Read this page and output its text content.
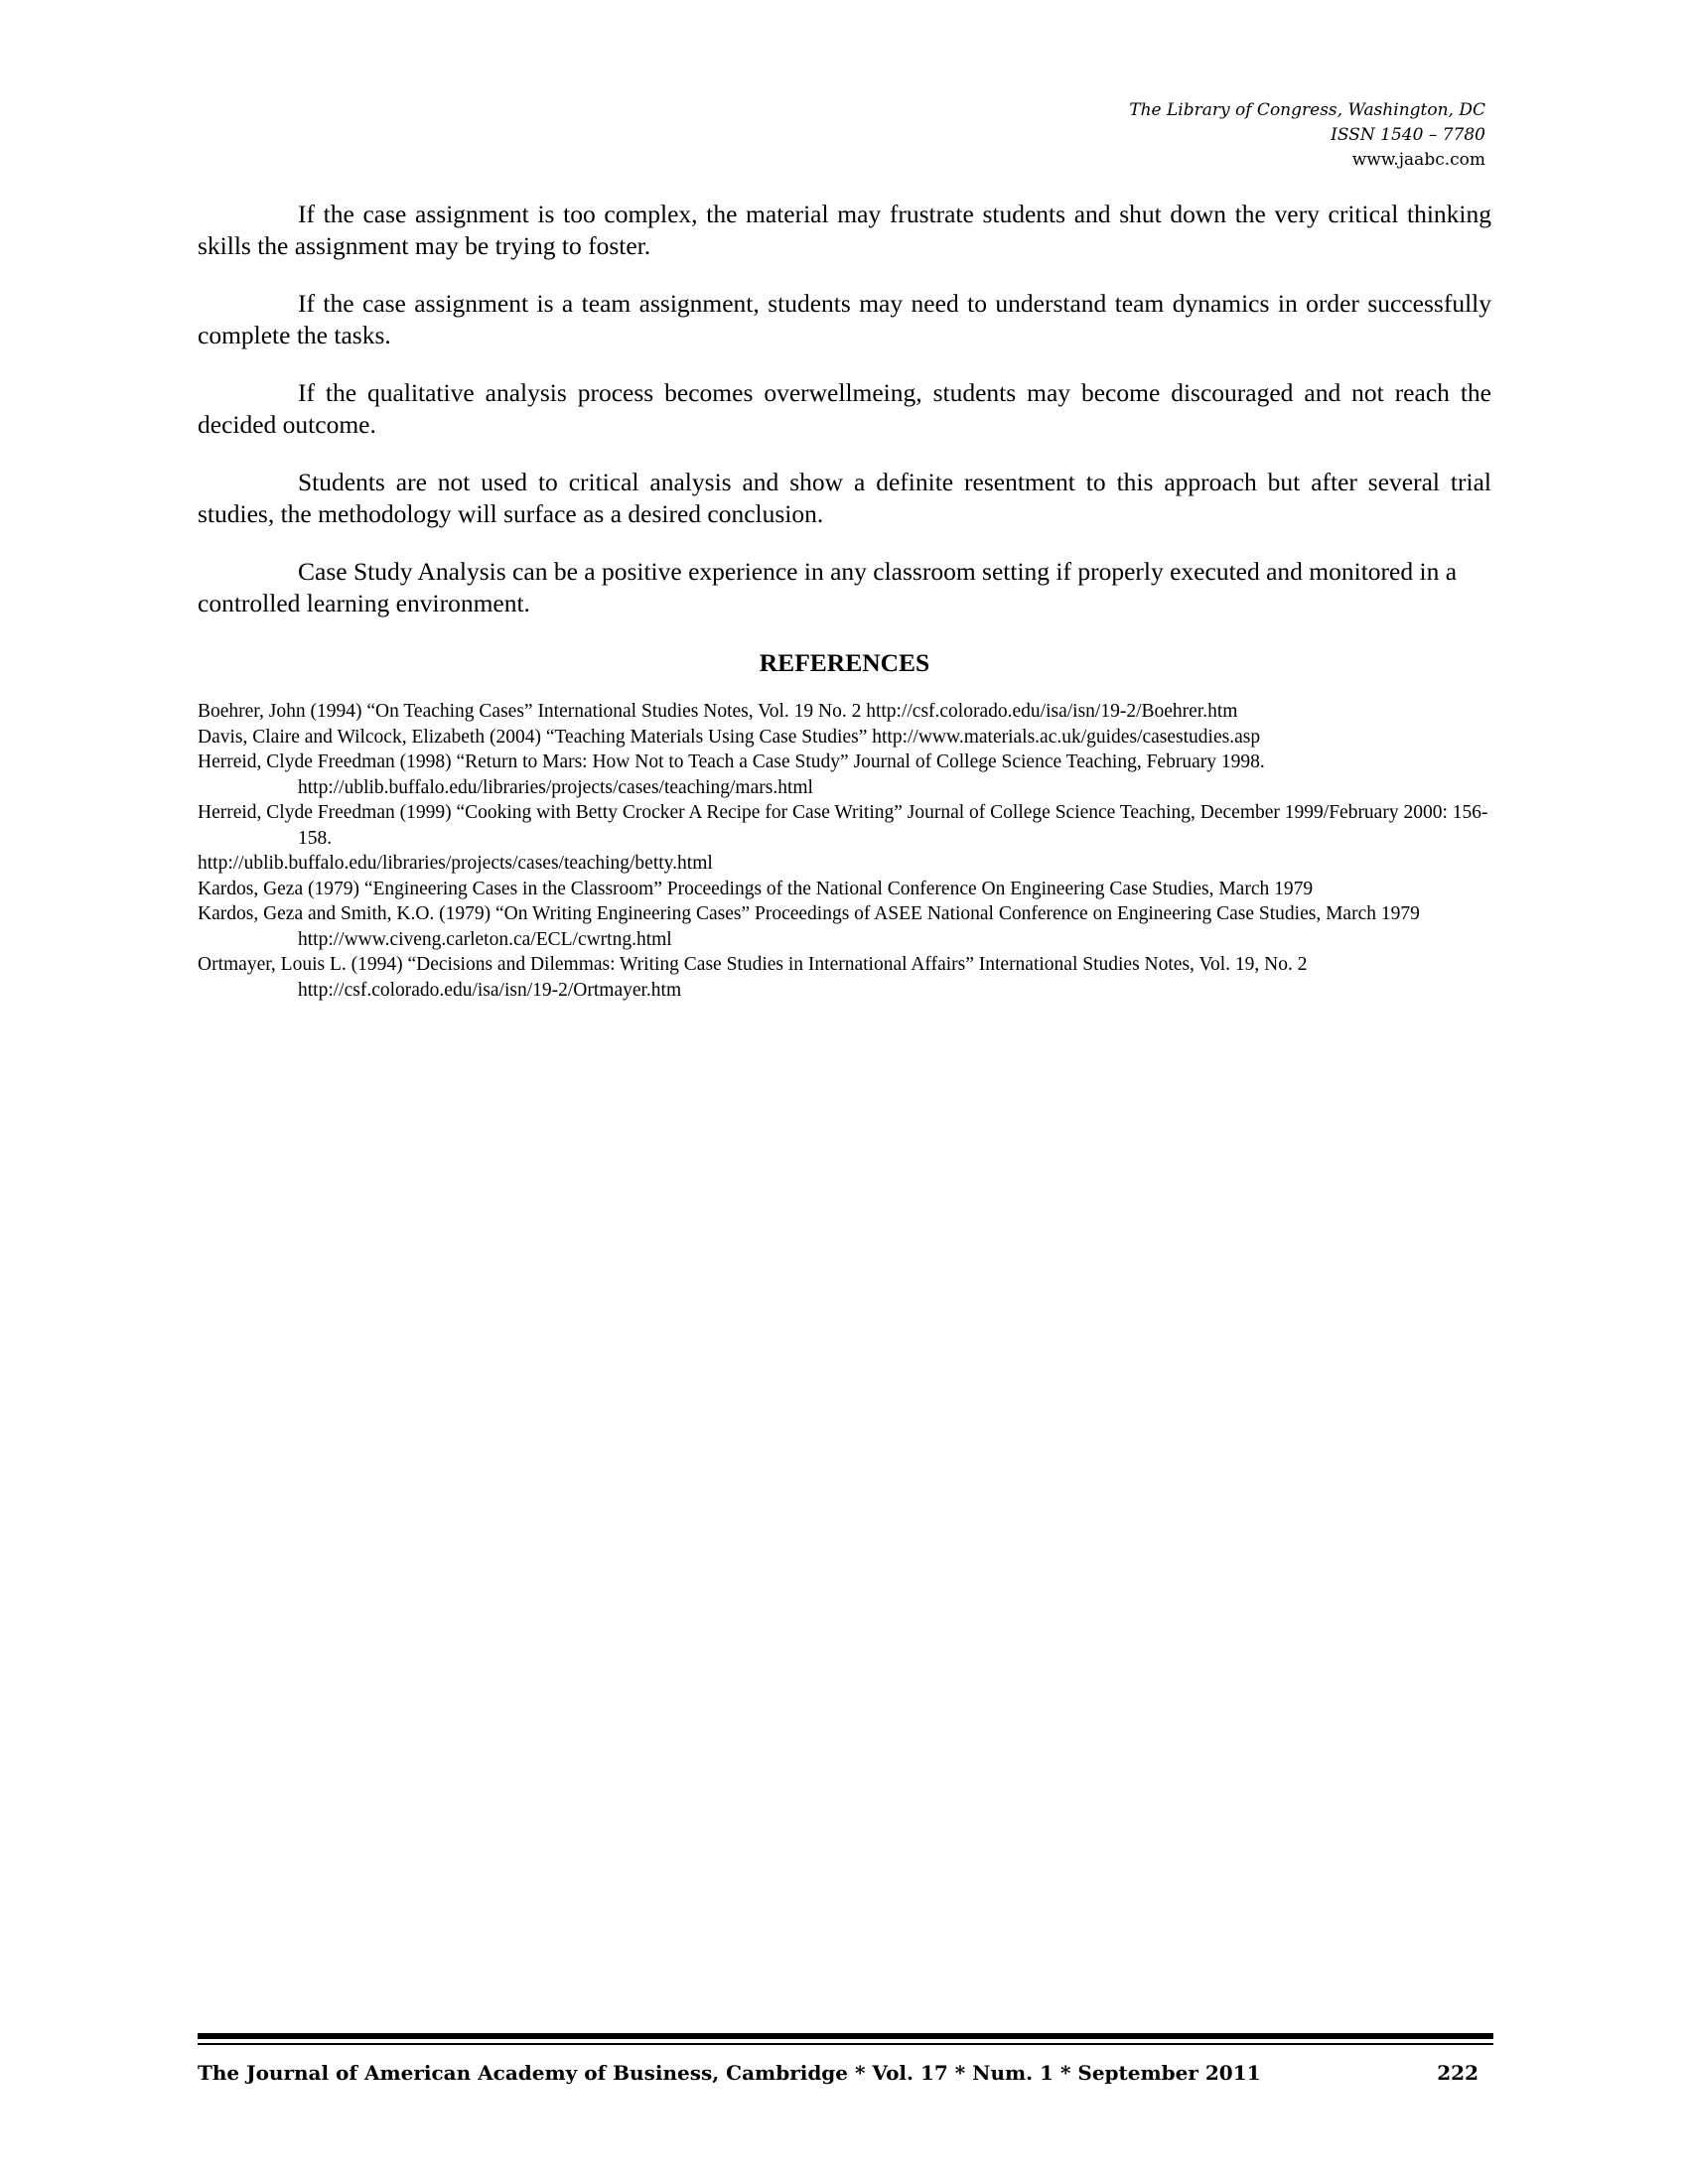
The Library of Congress, Washington, DC
ISSN 1540 – 7780
www.jaabc.com

If the case assignment is too complex, the material may frustrate students and shut down the very critical thinking skills the assignment may be trying to foster.

If the case assignment is a team assignment, students may need to understand team dynamics in order successfully complete the tasks.

If the qualitative analysis process becomes overwellmeing, students may become discouraged and not reach the decided outcome.

Students are not used to critical analysis and show a definite resentment to this approach but after several trial studies, the methodology will surface as a desired conclusion.

Case Study Analysis can be a positive experience in any classroom setting if properly executed and monitored in a controlled learning environment.

REFERENCES
Boehrer, John (1994) “On Teaching Cases” International Studies Notes, Vol. 19 No. 2 http://csf.colorado.edu/isa/isn/19-2/Boehrer.htm
Davis, Claire and Wilcock, Elizabeth (2004) “Teaching Materials Using Case Studies” http://www.materials.ac.uk/guides/casestudies.asp
Herreid, Clyde Freedman (1998) “Return to Mars: How Not to Teach a Case Study” Journal of College Science Teaching, February 1998. http://ublib.buffalo.edu/libraries/projects/cases/teaching/mars.html
Herreid, Clyde Freedman (1999) “Cooking with Betty Crocker A Recipe for Case Writing” Journal of College Science Teaching, December 1999/February 2000: 156-158.
http://ublib.buffalo.edu/libraries/projects/cases/teaching/betty.html
Kardos, Geza (1979) “Engineering Cases in the Classroom” Proceedings of the National Conference On Engineering Case Studies, March 1979
Kardos, Geza and Smith, K.O. (1979) “On Writing Engineering Cases” Proceedings of ASEE National Conference on Engineering Case Studies, March 1979 http://www.civeng.carleton.ca/ECL/cwrtng.html
Ortmayer, Louis L. (1994) “Decisions and Dilemmas: Writing Case Studies in International Affairs” International Studies Notes, Vol. 19, No. 2 http://csf.colorado.edu/isa/isn/19-2/Ortmayer.htm
The Journal of American Academy of Business, Cambridge * Vol. 17 * Num. 1 * September 2011	222
